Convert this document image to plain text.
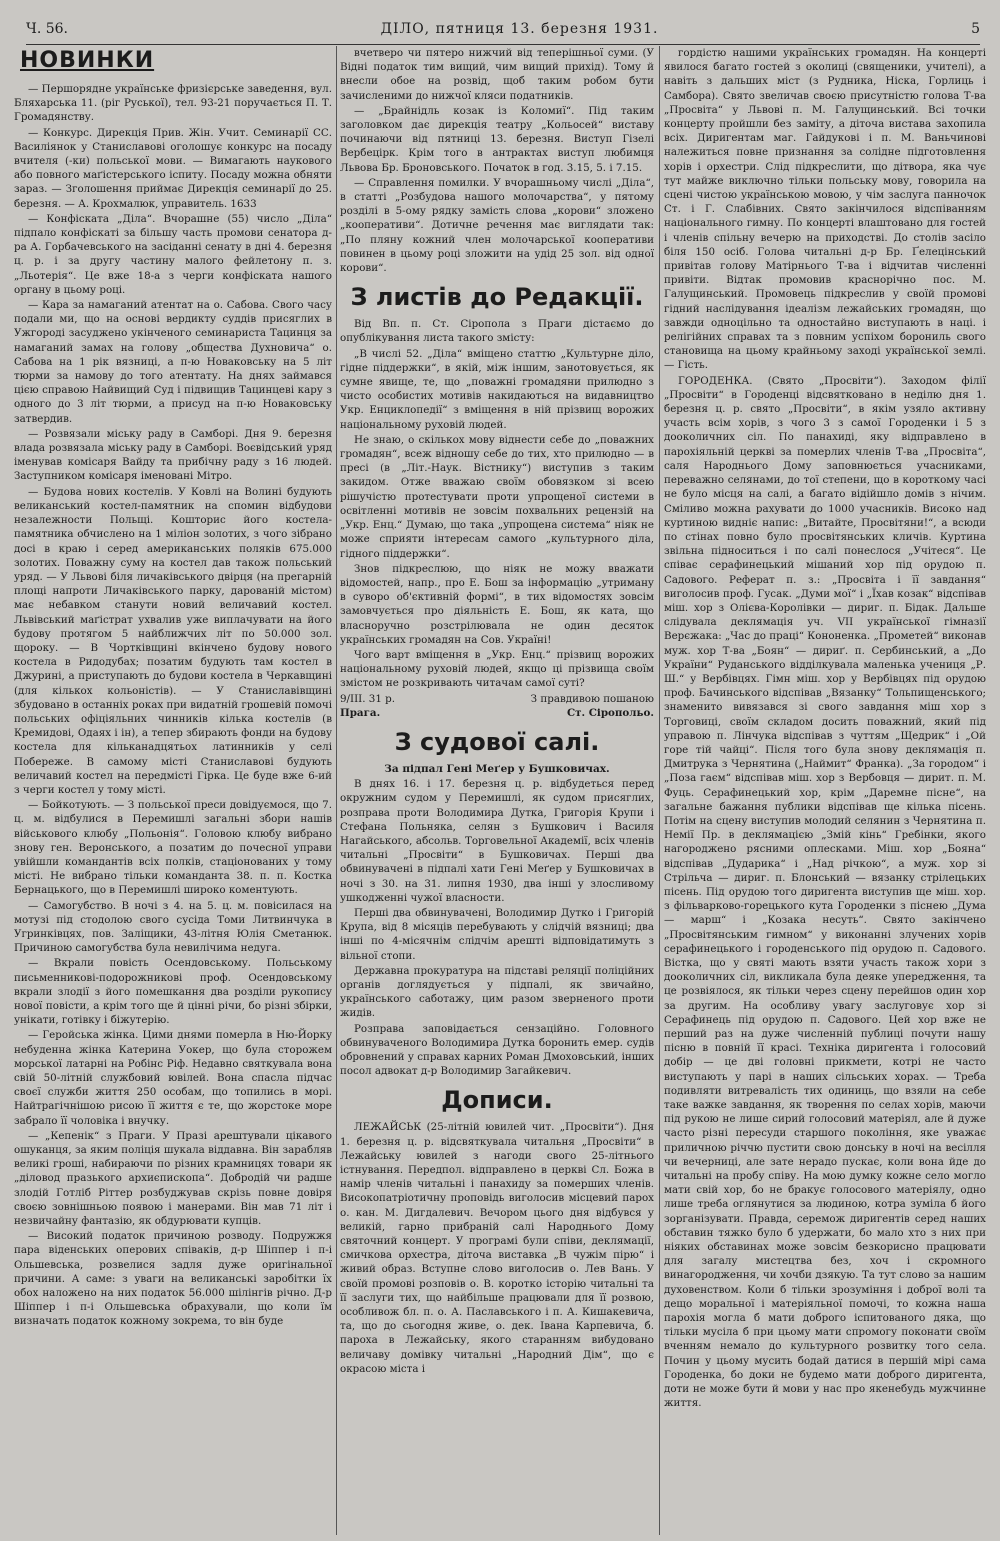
Ч. 56.	ДІЛО, пятниця 13. березня 1931.	5
НОВИНКИ

— Першорядне українське фризієрське заведення, вул. Бляхарська 11. (ріг Руської), тел. 93-21 поручається П. Т. Громадянству.

— Конкурс. Дирекція Прив. Жін. Учит. Семинарії СС. Василіянок у Станиславові оголошує конкурс на посаду вчителя (-ки) польської мови. — Вимагають наукового або повного маґістерського іспиту. Посаду можна обняти зараз. — Зголошення приймає Дирекція семинарії до 25. березня. — А. Крохмалюк, управитель. 1633

— Конфіската „Діла“. Вчорашне (55) число „Діла“ підпало конфіскаті за більшу часть промови сенатора д-ра А. Горбачевського на засіданні сенату в дні 4. березня ц. р. і за другу частину малого фейлетону п. з. „Льотерія“. Це вже 18-а з черги конфіската нашого органу в цьому році.

— Кара за намаганий атентат на о. Сабова. Свого часу подали ми, що на основі вердикту суддів присяглих в Ужгороді засуджено укінченого семинариста Тацинця за намаганий замах на голову „общества Духновича“ о. Сабова на 1 рік вязниці, а п-ю Новаковську на 5 літ тюрми за намову до того атентату. На днях займався цією справою Найвищий Суд і підвищив Тацинцеві кару з одного до 3 літ тюрми, а присуд на п-ю Новаковську затвердив.

— Розвязали міську раду в Самборі. Дня 9. березня влада розвязала міську раду в Самборі. Воєвідський уряд іменував комісаря Вайду та прибічну раду з 16 людей. Заступником комісаря іменовані Мітро.

— Будова нових костелів. У Ковлі на Волині будують великанський костел-памятник на спомин відбудови незалежности Польщі. Кошторис його костела-памятника обчислено на 1 міліон золотих, з чого зібрано досі в краю і серед американських поляків 675.000 золотих. Поважну суму на костел дав також польський уряд. — У Львові біля личаківського двірця (на прегарній площі напроти Личаківського парку, дарованій містом) має небавком станути новий величавий костел. Львівський маґістрат ухвалив уже виплачувати на його будову протягом 5 найближчих літ по 50.000 зол. щороку. — В Чортківщині вкінчено будову нового костела в Ридодубах; позатим будують там костел в Джурині, а приступають до будови костела в Черкавщині (для кількох кольоністів). — У Станиславівщині збудовано в останніх роках при видатній грошевій помочі польських офіціяльних чинників кілька костелів (в Кремидові, Одаях і ін), а тепер збирають фонди на будову костела для кільканадцятьох латинників у селі Побереже. В самому місті Станиславові будують величавий костел на передмісті Гірка. Це буде вже 6-ий з черги костел у тому місті.

— Бойкотують. — З польської преси довідуємося, що 7. ц. м. відбулися в Перемишлі загальні збори нашів військового клюбу „Польонія“. Головою клюбу вибрано знову ген. Веронського, а позатим до почесної управи увійшли командантів всіх полків, стаціонованих у тому місті. Не вибрано тільки команданта 38. п. п. Костка Бернацького, що в Перемишлі широко коментують.

— Самогубство. В ночі з 4. на 5. ц. м. повісилася на мотузі під стодолою свого сусіда Томи Литвинчука в Угринківцях, пов. Заліщики, 43-літня Юлія Сметанюк. Причиною самогубства була невилічима недуга.

— Вкрали повість Осендовському. Польському письменникові-подорожникові проф. Осендовському вкрали злодії з його помешкання два розділи рукопису нової повісти, а крім того ще й цінні річи, бо різні збірки, унікати, готівку і біжутерію.

— Геройська жінка. Цими днями померла в Ню-Йорку небуденна жінка Катерина Уокер, що була сторожем морської латарні на Робінс Ріф. Недавно святкувала вона свій 50-літній службовий ювілей. Вона спасла підчас своєї служби життя 250 особам, що топились в морі. Найтрагічнішою рисою її життя є те, що жорстоке море забрало її чоловіка і внучку.

— „Кепенік“ з Праги. У Празі арештували цікавого ошуканця, за яким поліція шукала віддавна. Він зарабляв великі гроші, набираючи по різних крамницях товари як „діловод празького архиєпископа“. Добродій чи радше злодій Готліб Ріттер розбуджував скрізь повне довіря своєю зовнішньою появою і манерами. Він мав 71 літ і незвичайну фантазію, як обдурювати купців.

— Високий податок причиною розводу. Подружжя пара віденських оперових співаків, д-р Шіппер і п-і Ольшевська, розвелися задля дуже оригінальної причини. А саме: з уваги на великанські заробітки їх обох наложено на них податок 56.000 шілінгів річно. Д-р Шіппер і п-і Ольшевська обрахували, що коли їм визначать податок кожному зокрема, то він буде

вчетверо чи пятеро нижчий від теперішньої суми. (У Відні податок тим вищий, чим вищий прихід). Тому й внесли обое на розвід, щоб таким робом бути зачисленими до нижчої кляси податників.

— „Брайнідль козак із Коломиї“. Під таким заголовком дає дирекція театру „Кольосей“ виставу починаючи від пятниці 13. березня. Виступ Гізелі Вербецірк. Крім того в антрактах виступ любимця Львова Бр. Броновського. Початок в год. 3.15, 5. і 7.15.

— Справлення помилки. У вчорашньому числі „Діла“, в статті „Розбудова нашого молочарства“, у пятому розділі в 5-ому рядку замість слова „корови“ зложено „кооперативи“. Дотичне речення має виглядати так: „По пляну кожний член молочарської кооперативи повинен в цьому році зложити на удід 25 зол. від одної корови“.

З листів до Редакції.

Від Вп. п. Ст. Сіропола з Праги дістаємо до опублікування листа такого змісту:

„В числі 52. „Діла“ вміщено статтю „Культурне діло, гідне піддержки“, в якій, між іншим, занотовується, як сумне явище, те, що „поважні громадяни прилюдно з чисто особистих мотивів накидаються на видавництво Укр. Енциклопедії“ з вміщення в ній прізвищ ворожих національному руховій людей.

Не знаю, о скількох мову віднести себе до „поважних громадян“, всеж відношу себе до тих, хто прилюдно — в пресі (в „Літ.-Наук. Вістнику“) виступив з таким закидом. Отже вважаю своїм обовязком зі всею рішучістю протестувати проти упрощеної системи в освітленні мотивів не зовсім похвальних рецензій на „Укр. Енц.“ Думаю, що така „упрощена система“ ніяк не може сприяти інтересам самого „культурного діла, гідного піддержки“.

Знов підкреслюю, що ніяк не можу вважати відомостей, напр., про Е. Бош за інформацію „утриману в суворо об'єктивній формі“, в тих відомостях зовсім замовчується про діяльність Е. Бош, як ката, що власноручно розстрілювала не один десяток українських громадян на Сов. Україні!

Чого варт вміщення в „Укр. Енц.“ прізвищ ворожих національному руховій людей, якщо ці прізвища своїм змістом не розкривають читачам самої суті?

9/III. 31 р.	З правдивою пошаною
Прага.	Ст. Сіропольо.
З судової салі.

За підпал Гені Меґер у Бушковичах.

В днях 16. і 17. березня ц. р. відбудеться перед окружним судом у Перемишлі, як судом присяглих, розправа проти Володимира Дутка, Григорія Крупи і Стефана Польняка, селян з Бушкович і Василя Нагайського, абсольв. Торговельної Академії, всіх членів читальні „Просвіти“ в Бушковичах. Перші два обвинувачені в підпалі хати Гені Меґер у Бушковичах в ночі з 30. на 31. липня 1930, два інші у злосливому ушкодженні чужої власности.

Перші два обвинувачені, Володимир Дутко і Григорій Крупа, від 8 місяців перебувають у слідчій вязниці; два інші по 4-місячнім слідчім арешті відповідатимуть з вільної стопи.

Державна прокуратура на підставі реляції поліційних органів доглядується у підпалі, як звичайно, українського саботажу, цим разом зверненого проти жидів.

Розправа заповідається сензаційно. Головного обвинуваченого Володимира Дутка боронить емер. судів обровнений у справах карних Роман Дмоховський, інших посол адвокат д-р Володимир Загайкевич.

Дописи.

ЛЕЖАЙСЬК (25-літній ювилей чит. „Просвіти“). Дня 1. березня ц. р. відсвяткувала читальня „Просвіти“ в Лежайську ювилей з нагоди свого 25-літнього істнування. Передпол. відправлено в церкві Сл. Божа в намір членів читальні і панахиду за померших членів. Високопатріотичну проповідь виголосив місцевий парох о. кан. М. Дигдалевич. Вечором цього дня відбувся у великій, гарно прибраній салі Народнього Дому святочний концерт. У програмі були співи, деклямації, смичкова орхестра, діточа виставка „В чужім пірю“ і живий образ. Вступне слово виголосив о. Лев Вань. У своїй промові розповів о. В. коротко історію читальні та її заслуги тих, що найбільше працювали для її розвою, особливож бл. п. о. А. Паславського і п. А. Кишакевича, та, що до сьогодня живе, о. дек. Івана Карпевича, б. пароха в Лежайську, якого старанням вибудовано величаву домівку читальні „Народний Дім“, що є окрасою міста і

гордістю нашими українських громадян. На концерті явилося багато гостей з околиці (священики, учителі), а навіть з дальших міст (з Рудника, Ніска, Горлиць і Самбора). Свято звеличав своєю присутністю голова Т-ва „Просвіта“ у Львові п. М. Галущинський. Всі точки концерту пройшли без заміту, а діточа вистава захопила всіх. Диригентам маг. Гайдукові і п. М. Ваньчинові належиться повне признання за солідне підготовлення хорів і орхестри. Слід підкреслити, що дітвора, яка чує тут майже виключно тільки польську мову, говорила на сцені чистою українською мовою, у чім заслуга панночок Ст. і Г. Слабівних. Свято закінчилося відспіванням національного гимну. По концерті влаштовано для гостей і членів спільну вечерю на приходстві. До столів засіло біля 150 осіб. Голова читальні д-р Бр. Ґелецінський привітав голову Матірнього Т-ва і відчитав численні привіти. Відтак промовив краснорічно пос. М. Галущинський. Промовець підкреслив у своїй промові гідний наслідування ідеалізм лежайських громадян, що завжди одноцільно та одностайно виступають в наці. і релігійних справах та з повним успіхом борониль свого становища на цьому крайньому заході української землі. — Гість.

ГОРОДЕНКА. (Свято „Просвіти“). Заходом філії „Просвіти“ в Городенці відсвятковано в неділю дня 1. березня ц. р. свято „Просвіти“, в якім узяло активну участь всім хорів, з чого 3 з самої Городенки і 5 з дооколичних сіл. По панахиді, яку відправлено в парохіяльній церкві за померлих членів Т-ва „Просвіта“, саля Народнього Дому заповнюється учасниками, переважно селянами, до тої степени, що в короткому часі не було місця на салі, а багато відійшло домів з нічим. Сміливо можна рахувати до 1000 учасників. Високо над куртиною видніє напис: „Витайте, Просвітяни!“, а всюди по стінах повно було просвітянських кличів. Куртина звільна підноситься і по салі понеслося „Учітеся“. Це співає серафинецький мішаний хор під орудою п. Садового. Реферат п. з.: „Просвіта і її завдання“ виголосив проф. Гусак. „Думи мої“ і „Їхав козак“ відспівав міш. хор з Олієва-Королівки — дириг. п. Бідак. Дальше слідувала деклямація уч. VII української гімназії Верєжака: „Час до праці“ Кононенка. „Прометей“ виконав муж. хор Т-ва „Боян“ — дириґ. п. Сербинський, а „До України“ Руданського відділкувала маленька учениця „Р. Ш.“ у Вербівцях. Гімн міш. хор у Вербівцях під орудою проф. Бачинського відспівав „Вязанку“ Тольпищенського; знаменито вивязався зі свого завдання міш хор з Торговиці, своїм складом досить поважний, який під управою п. Лінчука відспівав з чуттям „Щедрик“ і „Ой горе тій чайці“. Після того була знову деклямація п. Дмитрука з Чернятина („Наймит“ Франка). „За городом“ і „Поза гаєм“ відспівав міш. хор з Вербовця — дирит. п. М. Фуць. Серафинецький хор, крім „Даремне пісне“, на загальне бажання публики відспівав ще кілька пісень. Потім на сцену виступив молодий селянин з Чернятина п. Немії Пр. в деклямацією „Змій кінь“ Гребінки, якого нагороджено рясними оплесками. Міш. хор „Бояна“ відспівав „Дударика“ і „Над річкою“, а муж. хор зі Стрільча — дириг. п. Блонський — вязанку стрілецьких пісень. Під орудою того диригента виступив ще міш. хор. з фільварково-горецького кута Городенки з піснею „Дума — марш“ і „Козака несуть“. Свято закінчено „Просвітянським гимном“ у виконанні злучених хорів серафинецького і городенського під орудою п. Садового. Вістка, що у святі мають взяти участь також хори з дооколичних сіл, викликала була деяке упередження, та це розвіялося, як тільки через сцену перейшов один хор за другим. На особливу увагу заслуговує хор зі Серафинець під орудою п. Садового. Цей хор вже не перший раз на дуже численній публиці почути нашу пісню в повній її красі. Техніка диригента і голосовий добір — це дві головні прикмети, котрі не часто виступають у парі в наших сільських хорах. — Треба подивляти витревалість тих одиниць, що взяли на себе таке важке завдання, як творення по селах хорів, маючи під рукою не лише сирий голосовий матеріял, але й дуже часто різні пересуди старшого покоління, яке уважає приличною річчю пустити свою донську в ночі на весілля чи вечерниці, але зате нерадо пускає, коли вона йде до читальні на пробу співу. На мою думку кожне село могло мати свій хор, бо не бракує голосового матеріялу, одно лише треба оглянутися за людиною, котра зуміла б його зорганізувати. Правда, серемож диригентів серед наших обставин тяжко було б удержати, бо мало хто з них при ніяких обставинах може зовсім безкорисно працювати для загалу мистецтва без, хоч і скромного винагородження, чи хочби дзякую. Та тут слово за нашим духовенством. Коли б тільки зрозуміння і доброї волі та дещо моральної і матеріяльної помочі, то кожна наша парохія могла б мати доброго іспитованого дяка, що тільки мусіла б при цьому мати спромогу поконати своїм вченням немало до культурного розвитку того села. Почин у цьому мусить бодай датися в першій мірі сама Городенка, бо доки не будемо мати доброго диригента, доти не може бути й мови у нас про якенебудь мужчинне життя.
